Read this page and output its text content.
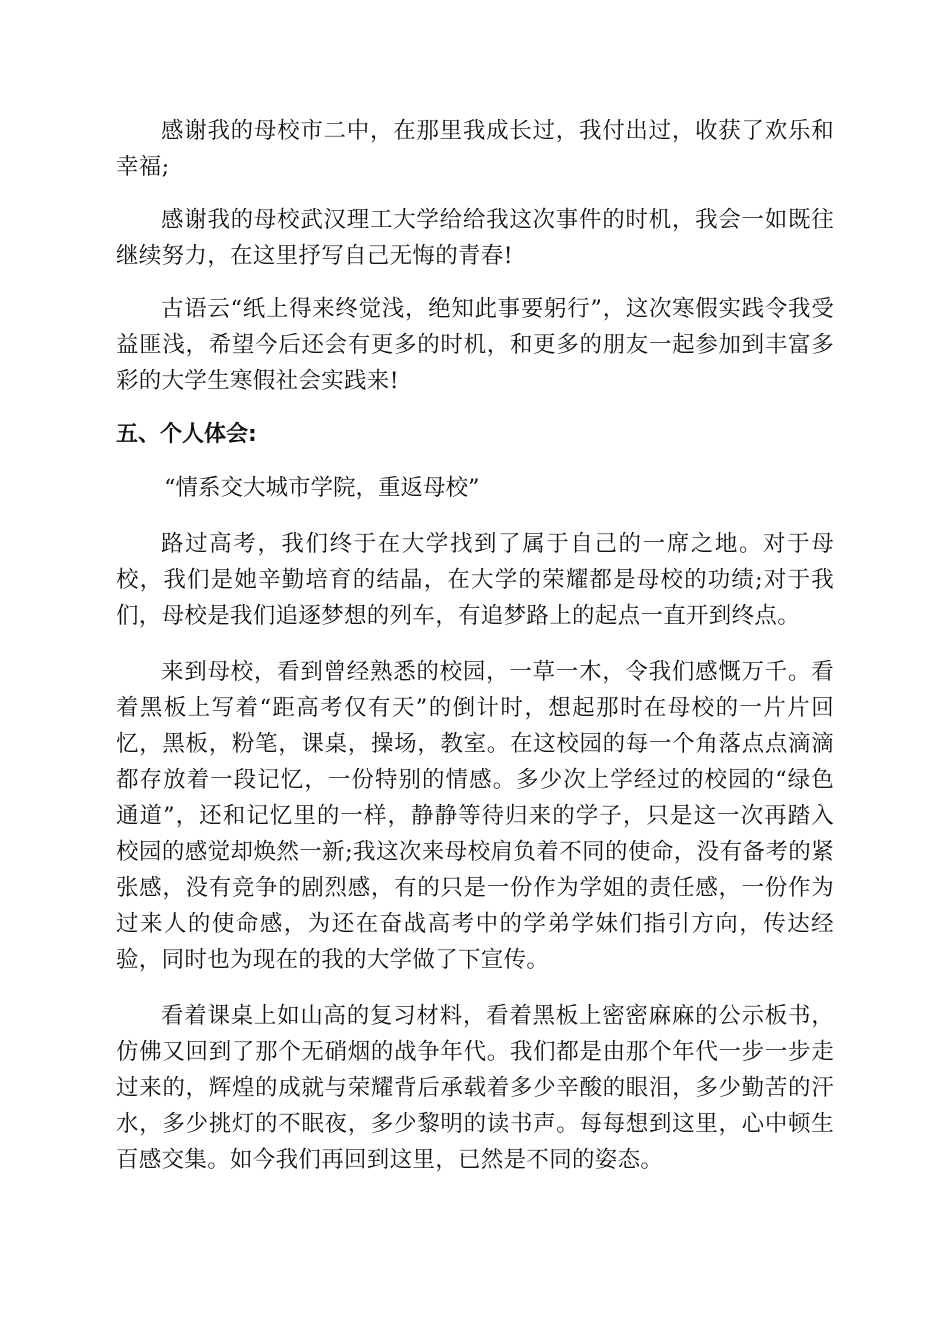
感谢我的母校市二中，在那里我成长过，我付出过，收获了欢乐和幸福;

感谢我的母校武汉理工大学给给我这次事件的时机，我会一如既往继续努力，在这里抒写自己无悔的青春!

古语云“纸上得来终觉浅，绝知此事要躬行”，这次寒假实践令我受益匪浅，希望今后还会有更多的时机，和更多的朋友一起参加到丰富多彩的大学生寒假社会实践来!

五、个人体会:

“情系交大城市学院，重返母校”

路过高考，我们终于在大学找到了属于自己的一席之地。对于母校，我们是她辛勤培育的结晶，在大学的荣耀都是母校的功绩;对于我们，母校是我们追逐梦想的列车，有追梦路上的起点一直开到终点。

来到母校，看到曾经熟悉的校园，一草一木，令我们感慨万千。看着黑板上写着“距高考仅有天”的倒计时，想起那时在母校的一片片回忆，黑板，粉笔，课桌，操场，教室。在这校园的每一个角落点点滴滴都存放着一段记忆，一份特别的情感。多少次上学经过的校园的“绿色通道”，还和记忆里的一样，静静等待归来的学子，只是这一次再踏入校园的感觉却焕然一新;我这次来母校肩负着不同的使命，没有备考的紧张感，没有竞争的剧烈感，有的只是一份作为学姐的责任感，一份作为过来人的使命感，为还在奋战高考中的学弟学妹们指引方向，传达经验，同时也为现在的我的大学做了下宣传。

看着课桌上如山高的复习材料，看着黑板上密密麻麻的公示板书，仿佛又回到了那个无硝烟的战争年代。我们都是由那个年代一步一步走过来的，辉煌的成就与荣耀背后承载着多少辛酸的眼泪，多少勤苦的汗水，多少挑灯的不眠夜，多少黎明的读书声。每每想到这里，心中顿生百感交集。如今我们再回到这里，已然是不同的姿态。
